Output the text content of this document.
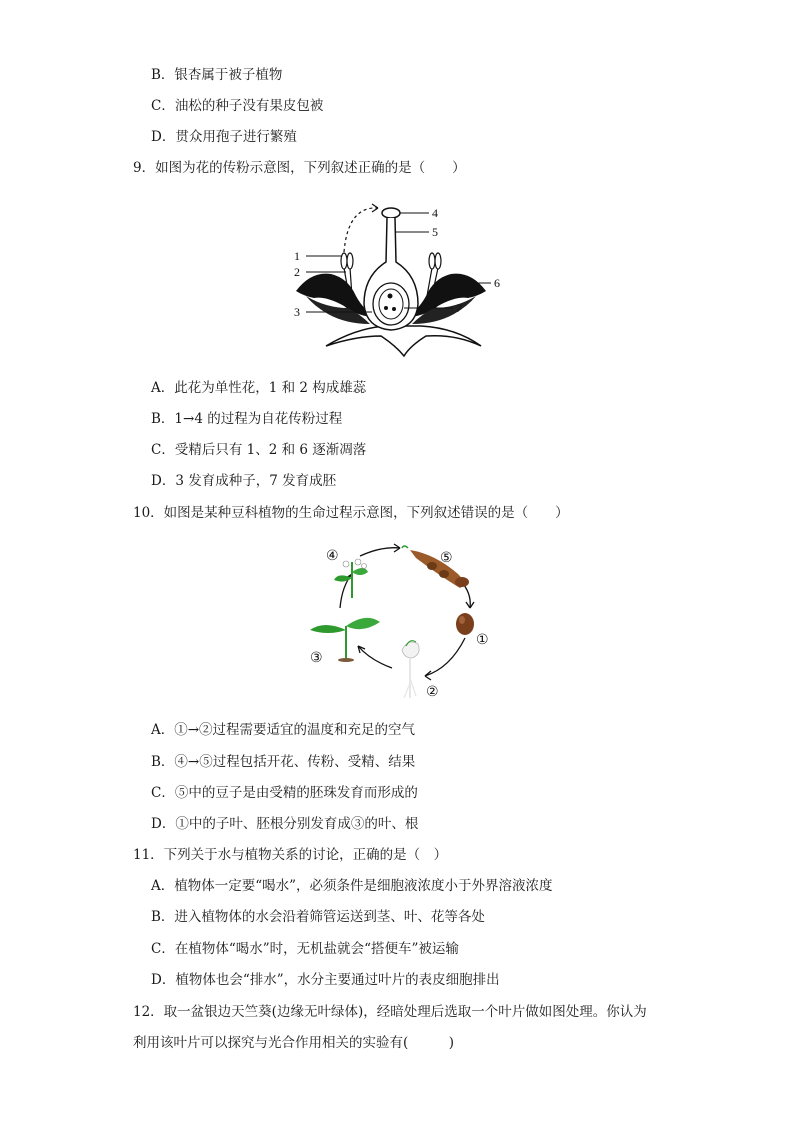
B．银杏属于被子植物
C．油松的种子没有果皮包被
D．贯众用孢子进行繁殖
9．如图为花的传粉示意图，下列叙述正确的是（　　）
1
2
3
4
5
6
7
A．此花为单性花，1 和 2 构成雄蕊
B．1→4 的过程为自花传粉过程
C．受精后只有 1、2 和 6 逐渐凋落
D．3 发育成种子，7 发育成胚
10．如图是某种豆科植物的生命过程示意图，下列叙述错误的是（　　）
④	⑤
①
②
③
A．①→②过程需要适宜的温度和充足的空气
B．④→⑤过程包括开花、传粉、受精、结果
C．⑤中的豆子是由受精的胚珠发育而形成的
D．①中的子叶、胚根分别发育成③的叶、根
11．下列关于水与植物关系的讨论，正确的是（　）
A．植物体一定要“喝水”，必须条件是细胞液浓度小于外界溶液浓度
B．进入植物体的水会沿着筛管运送到茎、叶、花等各处
C．在植物体“喝水”时，无机盐就会“搭便车”被运输
D．植物体也会“排水”，水分主要通过叶片的表皮细胞排出
12．取一盆银边天竺葵(边缘无叶绿体)，经暗处理后选取一个叶片做如图处理。你认为
利用该叶片可以探究与光合作用相关的实验有(　　　)
